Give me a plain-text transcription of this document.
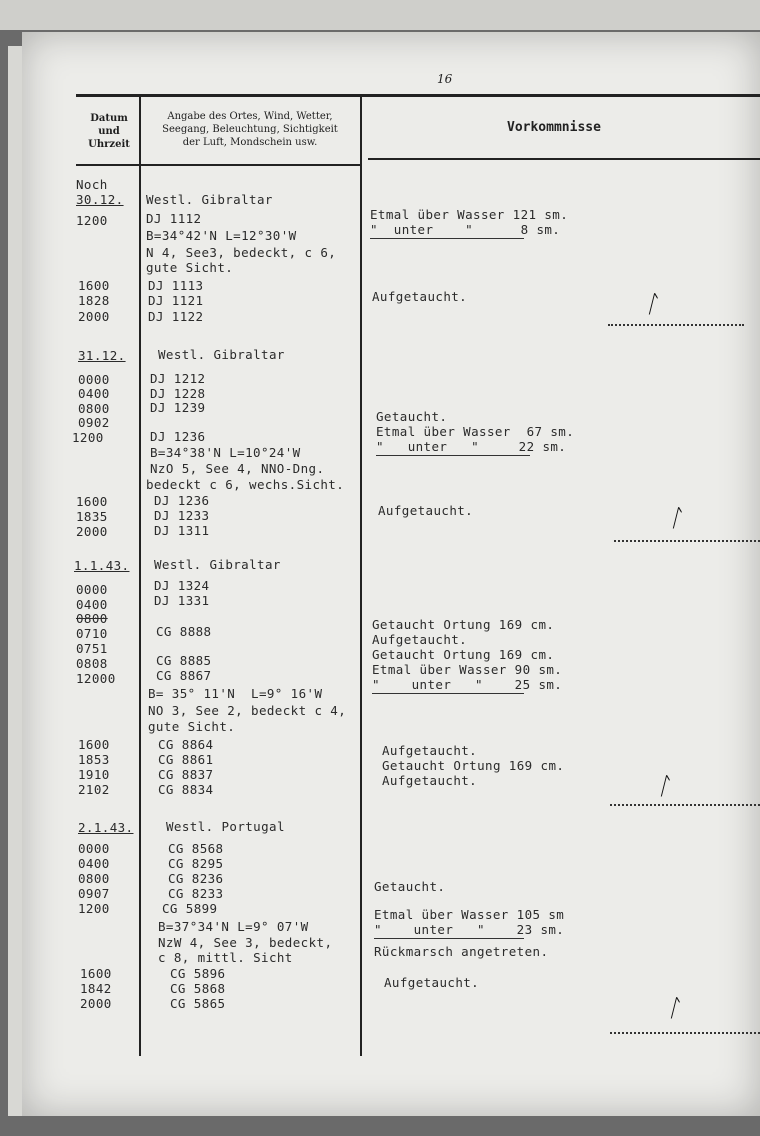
16
Datum
und
Uhrzeit
Angabe des Ortes, Wind, Wetter,
Seegang, Beleuchtung, Sichtigkeit
der Luft, Mondschein usw.
Vorkommnisse
Noch
30.12.
1200
1600
1828
2000
31.12.
0000
0400
0800
0902
1200
1600
1835
2000
1.1.43.
0000
0400
0800
0710
0751
0808
12000
1600
1853
1910
2102
2.1.43.
0000
0400
0800
0907
1200
1600
1842
2000
Westl. Gibraltar
DJ 1112
B=34°42'N L=12°30'W
N 4, See3, bedeckt, c 6,
gute Sicht.
DJ 1113
DJ 1121
DJ 1122
Westl. Gibraltar
DJ 1212
DJ 1228
DJ 1239
DJ 1236
B=34°38'N L=10°24'W
NzO 5, See 4, NNO-Dng.
bedeckt c 6, wechs.Sicht.
DJ 1236
DJ 1233
DJ 1311
Westl. Gibraltar
DJ 1324
DJ 1331
CG 8888
CG 8885
CG 8867
B= 35° 11'N  L=9° 16'W
NO 3, See 2, bedeckt c 4,
gute Sicht.
CG 8864
CG 8861
CG 8837
CG 8834
Westl. Portugal
CG 8568
CG 8295
CG 8236
CG 8233
CG 5899
B=37°34'N L=9° 07'W
NzW 4, See 3, bedeckt,
c 8, mittl. Sicht
CG 5896
CG 5868
CG 5865
Etmal über Wasser 121 sm.
"  unter    "      8 sm.
Aufgetaucht.
Getaucht.
Etmal über Wasser  67 sm.
"   unter   "     22 sm.
Aufgetaucht.
Getaucht Ortung 169 cm.
Aufgetaucht.
Getaucht Ortung 169 cm.
Etmal über Wasser 90 sm.
"    unter   "    25 sm.
Aufgetaucht.
Getaucht Ortung 169 cm.
Aufgetaucht.
Getaucht.
Etmal über Wasser 105 sm
"    unter   "    23 sm.
Rückmarsch angetreten.
Aufgetaucht.
ᛚ
ᛚ
ᛚ
ᛚ
